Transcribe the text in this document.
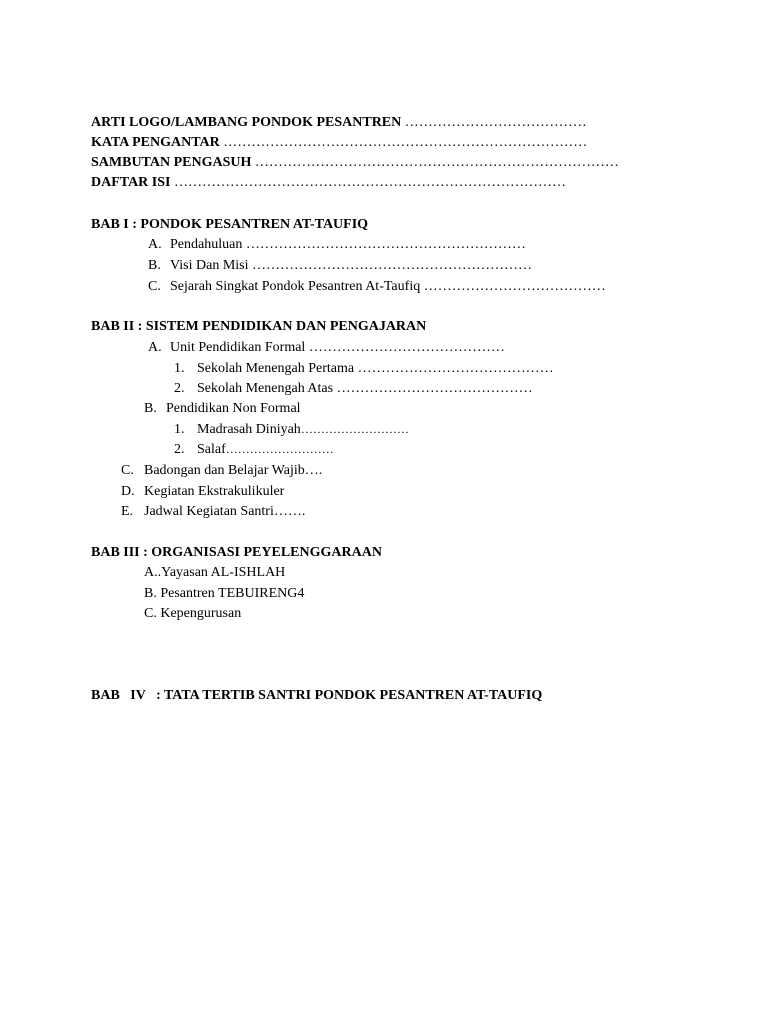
ARTI LOGO/LAMBANG PONDOK PESANTREN …………………………………
KATA PENGANTAR ……………………………………………………………………
SAMBUTAN PENGASUH ……………………………………………………………………
DAFTAR ISI …………………………………………………………………………
BAB I : PONDOK PESANTREN AT-TAUFIQ
A. Pendahuluan ……………………………………………………
B. Visi Dan Misi ……………………………………………………
C. Sejarah Singkat Pondok Pesantren At-Taufiq …………………………………
BAB II : SISTEM PENDIDIKAN DAN PENGAJARAN
A. Unit Pendidikan Formal ……………………………………
1. Sekolah Menengah Pertama ……………………………………
2. Sekolah Menengah Atas ……………………………………
B. Pendidikan Non Formal
1. Madrasah Diniyah………………………
2. Salaf………………………
C. Badongan dan Belajar Wajib….
D. Kegiatan Ekstrakulikuler
E. Jadwal Kegiatan Santri…….
BAB III : ORGANISASI PEYELENGGARAAN
A..Yayasan AL-ISHLAH
B. Pesantren TEBUIRENG4
C. Kepengurusan
BAB   IV   : TATA TERTIB SANTRI PONDOK PESANTREN AT-TAUFIQ
